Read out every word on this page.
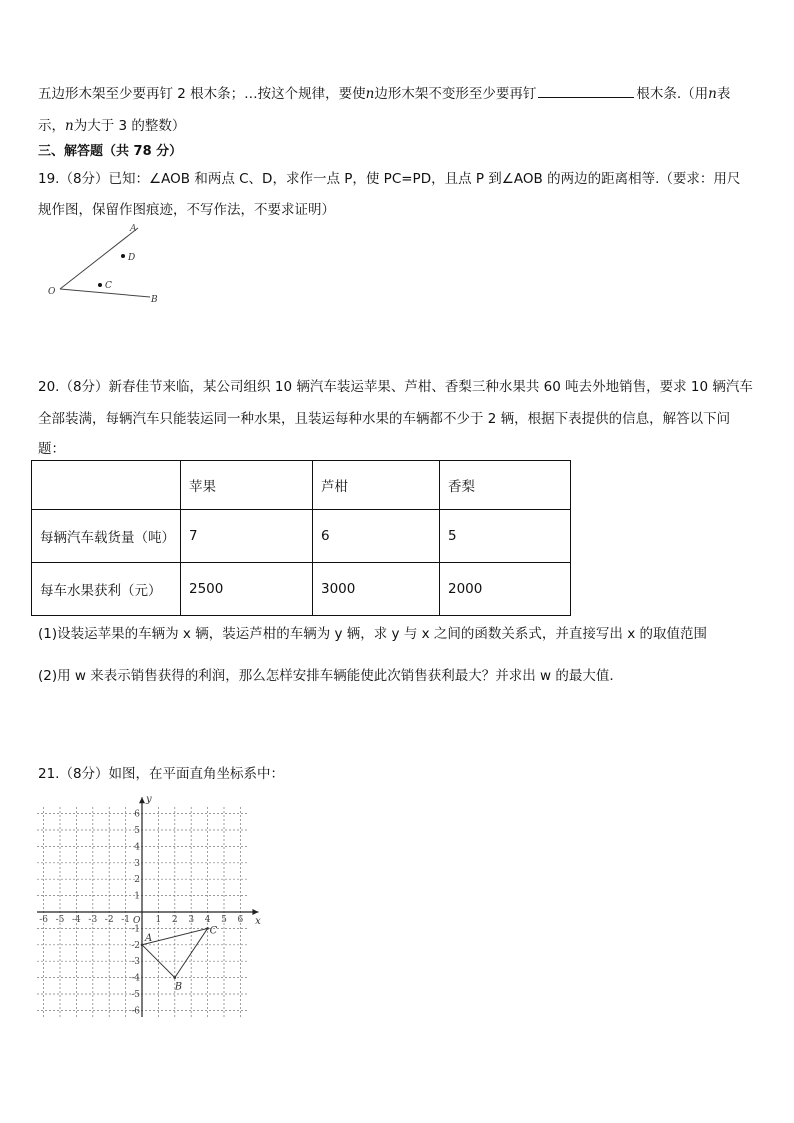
五边形木架至少要再钉 2 根木条；…按这个规律，要使n边形木架不变形至少要再钉	根木条.（用n表
示，n为大于 3 的整数）
三、解答题（共 78 分）
19.（8分）已知：∠AOB 和两点 C、D，求作一点 P，使 PC=PD，且点 P 到∠AOB 的两边的距离相等.（要求：用尺
规作图，保留作图痕迹，不写作法，不要求证明）
A
D
C
O
B
20.（8分）新春佳节来临，某公司组织 10 辆汽车装运苹果、芦柑、香梨三种水果共 60 吨去外地销售，要求 10 辆汽车
全部装满，每辆汽车只能装运同一种水果，且装运每种水果的车辆都不少于 2 辆，根据下表提供的信息，解答以下问
题：
	苹果	芦柑	香梨
每辆汽车载货量（吨）	7	6	5
每车水果获利（元）	2500	3000	2000
(1)设装运苹果的车辆为 x 辆，装运芦柑的车辆为 y 辆，求 y 与 x 之间的函数关系式，并直接写出 x 的取值范围
(2)用 w 来表示销售获得的利润，那么怎样安排车辆能使此次销售获利最大？并求出 w 的最大值.
21.（8分）如图，在平面直角坐标系中：
x
y
O
-6 -5 -4 -3 -2 -1	1 2 3 4 5 6
6
5
4
3
2
1
-1
-2
-3
-4
-5
-6
A
B
C
